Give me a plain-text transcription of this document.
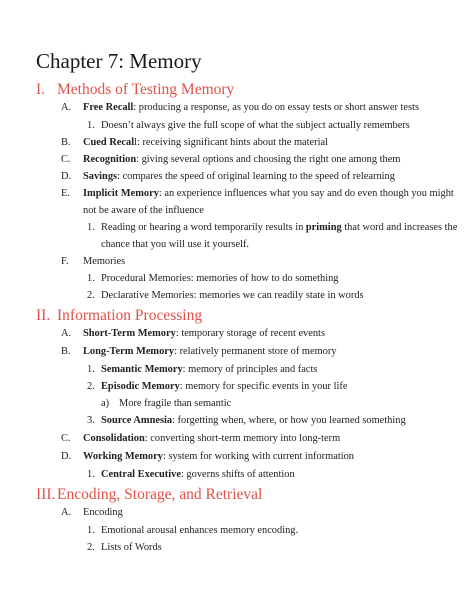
Chapter 7: Memory
I. Methods of Testing Memory
A. Free Recall: producing a response, as you do on essay tests or short answer tests
1. Doesn’t always give the full scope of what the subject actually remembers
B. Cued Recall: receiving significant hints about the material
C. Recognition: giving several options and choosing the right one among them
D. Savings: compares the speed of original learning to the speed of relearning
E. Implicit Memory: an experience influences what you say and do even though you might
not be aware of the influence
1. Reading or hearing a word temporarily results in priming that word and increases the
chance that you will use it yourself.
F. Memories
1. Procedural Memories: memories of how to do something
2. Declarative Memories: memories we can readily state in words
II. Information Processing
A. Short-Term Memory: temporary storage of recent events
B. Long-Term Memory: relatively permanent store of memory
1. Semantic Memory: memory of principles and facts
2. Episodic Memory: memory for specific events in your life
a) More fragile than semantic
3. Source Amnesia: forgetting when, where, or how you learned something
C. Consolidation: converting short-term memory into long-term
D. Working Memory: system for working with current information
1. Central Executive: governs shifts of attention
III. Encoding, Storage, and Retrieval
A. Encoding
1. Emotional arousal enhances memory encoding.
2. Lists of Words
